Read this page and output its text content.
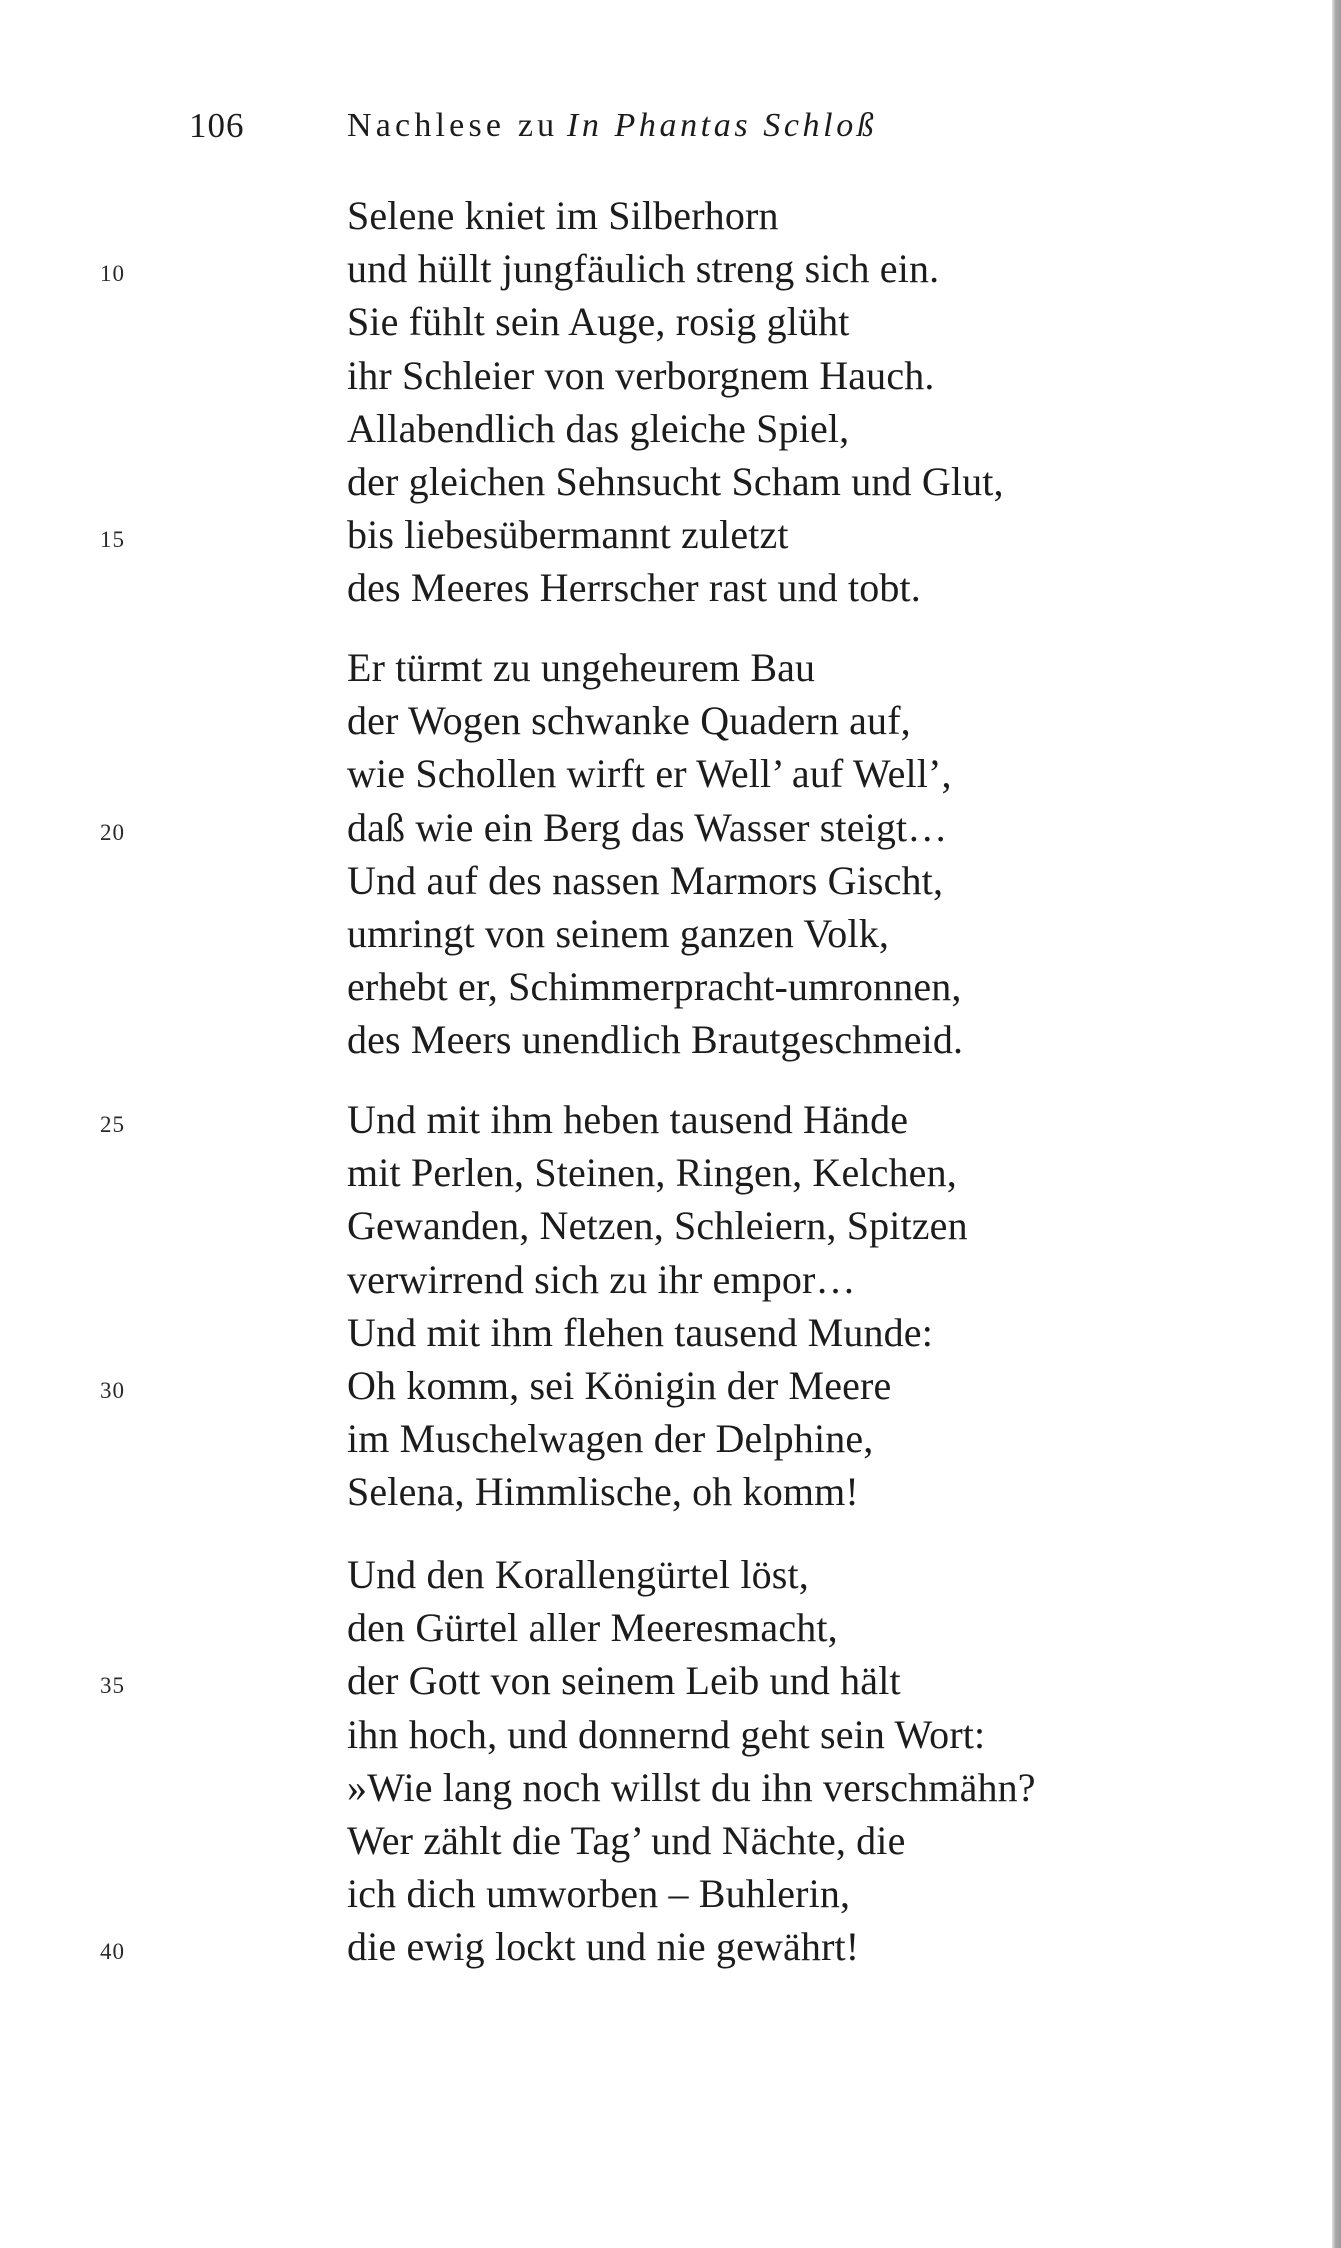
106	Nachlese zu In Phantas Schloß
Selene kniet im Silberhorn
und hüllt jungfäulich streng sich ein.
Sie fühlt sein Auge, rosig glüht
ihr Schleier von verborgnem Hauch.
Allabendlich das gleiche Spiel,
der gleichen Sehnsucht Scham und Glut,
bis liebesübermannt zuletzt
des Meeres Herrscher rast und tobt.
Er türmt zu ungeheurem Bau
der Wogen schwanke Quadern auf,
wie Schollen wirft er Well’ auf Well’,
daß wie ein Berg das Wasser steigt…
Und auf des nassen Marmors Gischt,
umringt von seinem ganzen Volk,
erhebt er, Schimmerpracht-umronnen,
des Meers unendlich Brautgeschmeid.
Und mit ihm heben tausend Hände
mit Perlen, Steinen, Ringen, Kelchen,
Gewanden, Netzen, Schleiern, Spitzen
verwirrend sich zu ihr empor…
Und mit ihm flehen tausend Munde:
Oh komm, sei Königin der Meere
im Muschelwagen der Delphine,
Selena, Himmlische, oh komm!
Und den Korallengürtel löst,
den Gürtel aller Meeresmacht,
der Gott von seinem Leib und hält
ihn hoch, und donnernd geht sein Wort:
»Wie lang noch willst du ihn verschmähn?
Wer zählt die Tag’ und Nächte, die
ich dich umworben – Buhlerin,
die ewig lockt und nie gewährt!
10
15
20
25
30
35
40
